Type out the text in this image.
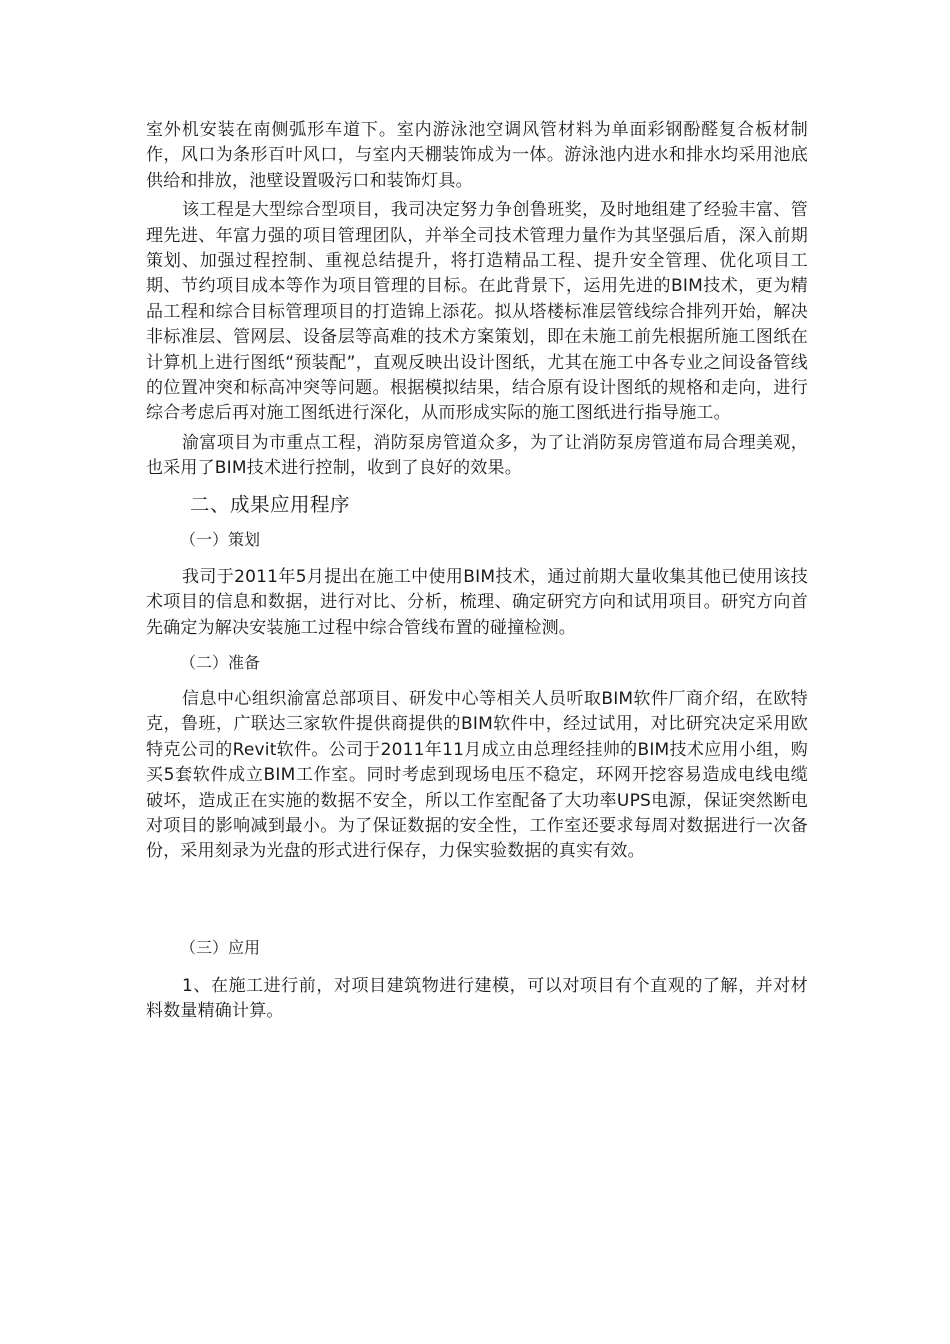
室外机安装在南侧弧形车道下。室内游泳池空调风管材料为单面彩钢酚醛复合板材制作，风口为条形百叶风口，与室内天棚装饰成为一体。游泳池内进水和排水均采用池底供给和排放，池壁设置吸污口和装饰灯具。

该工程是大型综合型项目，我司决定努力争创鲁班奖，及时地组建了经验丰富、管理先进、年富力强的项目管理团队，并举全司技术管理力量作为其坚强后盾，深入前期策划、加强过程控制、重视总结提升，将打造精品工程、提升安全管理、优化项目工期、节约项目成本等作为项目管理的目标。在此背景下，运用先进的BIM技术，更为精品工程和综合目标管理项目的打造锦上添花。拟从塔楼标准层管线综合排列开始，解决非标准层、管网层、设备层等高难的技术方案策划，即在未施工前先根据所施工图纸在计算机上进行图纸“预装配”，直观反映出设计图纸，尤其在施工中各专业之间设备管线的位置冲突和标高冲突等问题。根据模拟结果，结合原有设计图纸的规格和走向，进行综合考虑后再对施工图纸进行深化，从而形成实际的施工图纸进行指导施工。

渝富项目为市重点工程，消防泵房管道众多，为了让消防泵房管道布局合理美观，也采用了BIM技术进行控制，收到了良好的效果。

二、成果应用程序

（一）策划

我司于2011年5月提出在施工中使用BIM技术，通过前期大量收集其他已使用该技术项目的信息和数据，进行对比、分析，梳理、确定研究方向和试用项目。研究方向首先确定为解决安装施工过程中综合管线布置的碰撞检测。

（二）准备

信息中心组织渝富总部项目、研发中心等相关人员听取BIM软件厂商介绍，在欧特克，鲁班，广联达三家软件提供商提供的BIM软件中，经过试用，对比研究决定采用欧特克公司的Revit软件。公司于2011年11月成立由总理经挂帅的BIM技术应用小组，购买5套软件成立BIM工作室。同时考虑到现场电压不稳定，环网开挖容易造成电线电缆破坏，造成正在实施的数据不安全，所以工作室配备了大功率UPS电源，保证突然断电对项目的影响减到最小。为了保证数据的安全性，工作室还要求每周对数据进行一次备份，采用刻录为光盘的形式进行保存，力保实验数据的真实有效。

（三）应用

1、在施工进行前，对项目建筑物进行建模，可以对项目有个直观的了解，并对材料数量精确计算。
